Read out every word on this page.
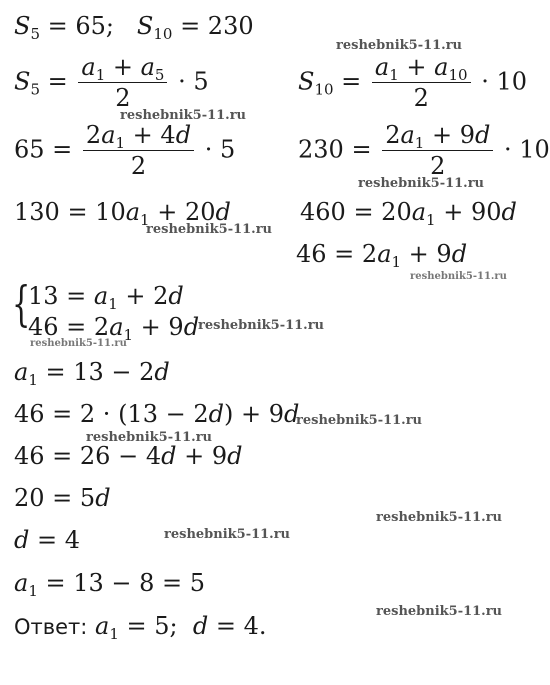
$S_5 = 65$;   $S_{10} = 230$
$S_5 = \frac{a_1 + a_5}{2} \cdot 5$	$S_{10} = \frac{a_1 + a_{10}}{2} \cdot 10$
$65 = \frac{2a_1 + 4d}{2} \cdot 5$	$230 = \frac{2a_1 + 9d}{2} \cdot 10$
$130 = 10a_1 + 20d$	$460 = 20a_1 + 90d$
$46 = 2a_1 + 9d$
{
$13 = a_1 + 2d$
$46 = 2a_1 + 9d$
$a_1 = 13 - 2d$
46 = 2 · (13 − 2d) + 9d
46 = 26 − 4d + 9d
20 = 5d
d = 4
$a_1 = 13 - 8 = 5$
Ответ: $a_1 = 5$;  d = 4.
reshebnik5-11.ru
reshebnik5-11.ru
reshebnik5-11.ru
reshebnik5-11.ru
reshebnik5-11.ru
reshebnik5-11.ru
reshebnik5-11.ru
reshebnik5-11.ru
reshebnik5-11.ru
reshebnik5-11.ru
reshebnik5-11.ru
reshebnik5-11.ru
